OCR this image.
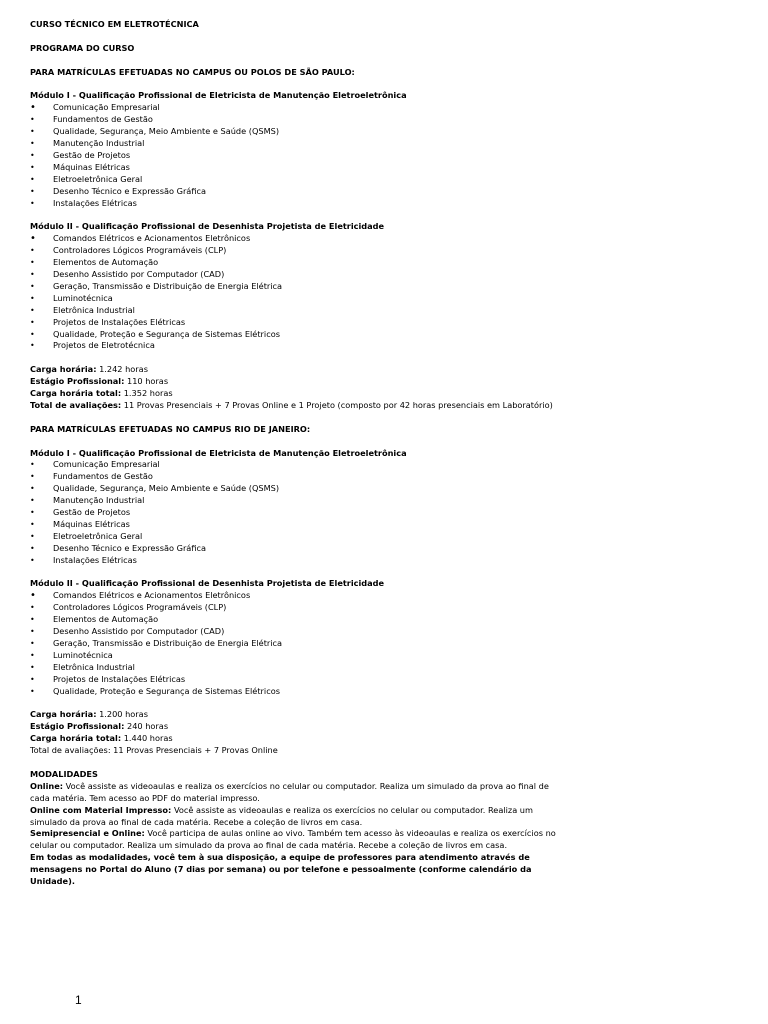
CURSO TÉCNICO EM ELETROTÉCNICA

PROGRAMA DO CURSO

PARA MATRÍCULAS EFETUADAS NO CAMPUS OU POLOS DE SÃO PAULO:

Módulo I - Qualificação Profissional de Eletricista de Manutenção Eletroeletrônica

• Comunicação Empresarial
• Fundamentos de Gestão
• Qualidade, Segurança, Meio Ambiente e Saúde (QSMS)
• Manutenção Industrial
• Gestão de Projetos
• Máquinas Elétricas
• Eletroeletrônica Geral
• Desenho Técnico e Expressão Gráfica
• Instalações Elétricas

Módulo II - Qualificação Profissional de Desenhista Projetista de Eletricidade

• Comandos Elétricos e Acionamentos Eletrônicos
• Controladores Lógicos Programáveis (CLP)
• Elementos de Automação
• Desenho Assistido por Computador (CAD)
• Geração, Transmissão e Distribuição de Energia Elétrica
• Luminotécnica
• Eletrônica Industrial
• Projetos de Instalações Elétricas
• Qualidade, Proteção e Segurança de Sistemas Elétricos
• Projetos de Eletrotécnica

Carga horária: 1.242 horas

Estágio Profissional: 110 horas

Carga horária total: 1.352 horas

Total de avaliações: 11 Provas Presenciais + 7 Provas Online e 1 Projeto (composto por 42 horas presenciais em Laboratório)

PARA MATRÍCULAS EFETUADAS NO CAMPUS RIO DE JANEIRO:

Módulo I - Qualificação Profissional de Eletricista de Manutenção Eletroeletrônica

• Comunicação Empresarial
• Fundamentos de Gestão
• Qualidade, Segurança, Meio Ambiente e Saúde (QSMS)
• Manutenção Industrial
• Gestão de Projetos
• Máquinas Elétricas
• Eletroeletrônica Geral
• Desenho Técnico e Expressão Gráfica
• Instalações Elétricas

Módulo II - Qualificação Profissional de Desenhista Projetista de Eletricidade

• Comandos Elétricos e Acionamentos Eletrônicos
• Controladores Lógicos Programáveis (CLP)
• Elementos de Automação
• Desenho Assistido por Computador (CAD)
• Geração, Transmissão e Distribuição de Energia Elétrica
• Luminotécnica
• Eletrônica Industrial
• Projetos de Instalações Elétricas
• Qualidade, Proteção e Segurança de Sistemas Elétricos

Carga horária: 1.200 horas

Estágio Profissional: 240 horas

Carga horária total: 1.440 horas

Total de avaliações: 11 Provas Presenciais + 7 Provas Online

MODALIDADES

Online: Você assiste as videoaulas e realiza os exercícios no celular ou computador. Realiza um simulado da prova ao final de cada matéria. Tem acesso ao PDF do material impresso.

Online com Material Impresso: Você assiste as videoaulas e realiza os exercícios no celular ou computador. Realiza um simulado da prova ao final de cada matéria. Recebe a coleção de livros em casa.

Semipresencial e Online: Você participa de aulas online ao vivo. Também tem acesso às videoaulas e realiza os exercícios no celular ou computador. Realiza um simulado da prova ao final de cada matéria. Recebe a coleção de livros em casa.

Em todas as modalidades, você tem à sua disposição, a equipe de professores para atendimento através de mensagens no Portal do Aluno (7 dias por semana) ou por telefone e pessoalmente (conforme calendário da Unidade).

1
